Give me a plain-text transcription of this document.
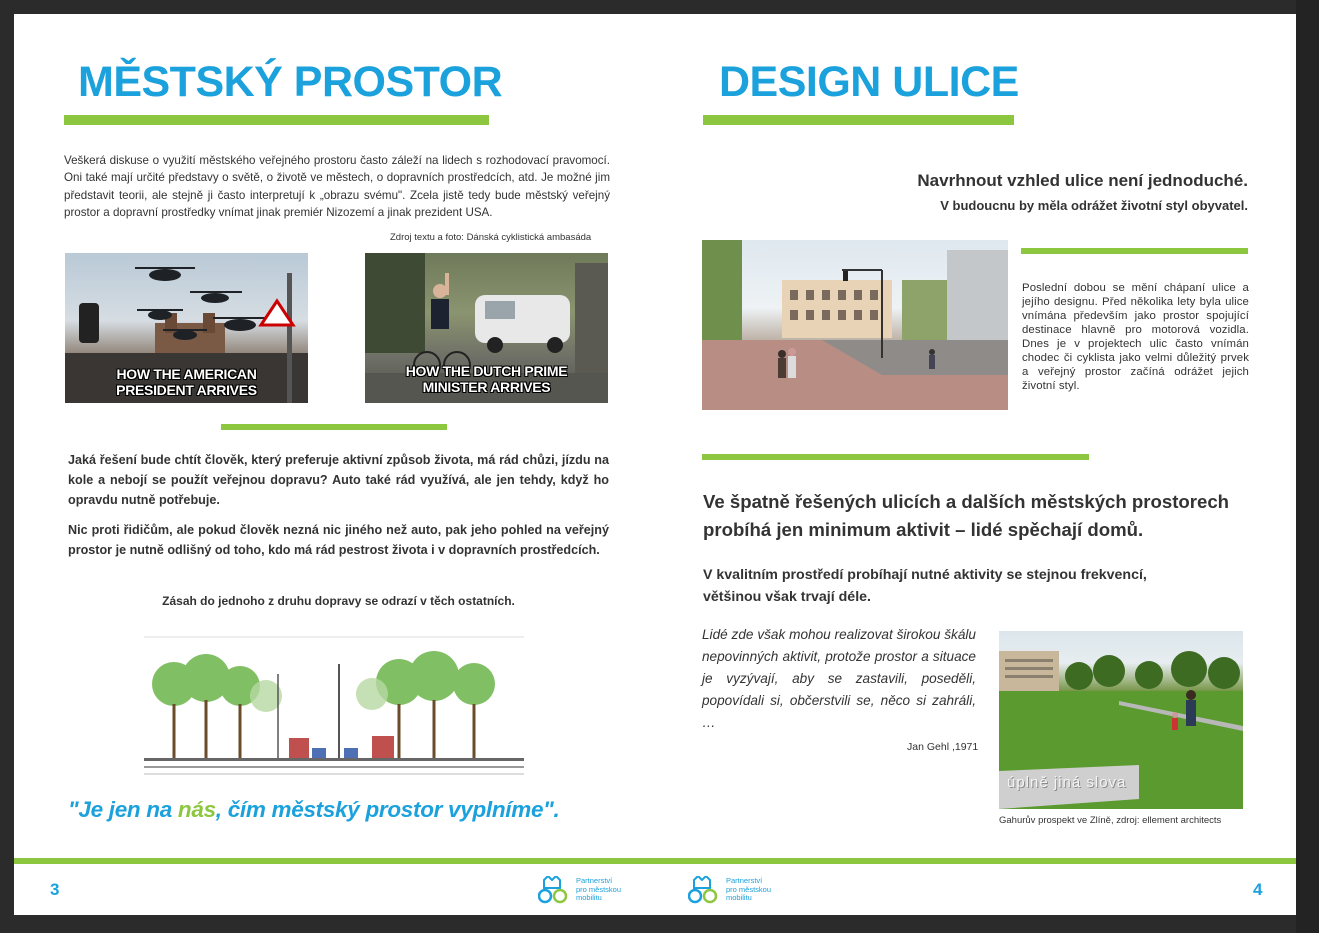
MĚSTSKÝ PROSTOR
Veškerá diskuse o využití městského veřejného prostoru často záleží na lidech s rozhodovací pravomocí. Oni také mají určité představy o světě, o životě ve městech, o dopravních prostředcích, atd. Je možné jim představit teorii, ale stejně ji často interpretují k „obrazu svému". Zcela jistě tedy bude městský veřejný prostor a dopravní prostředky vnímat jinak premiér Nizozemí a jinak prezident USA.
Zdroj textu a foto: Dánská cyklistická ambasáda
HOW THE AMERICAN
PRESIDENT ARRIVES
HOW THE DUTCH PRIME
MINISTER ARRIVES
Jaká řešení bude chtít člověk, který preferuje aktivní způsob života, má rád chůzi, jízdu na kole a nebojí se použít veřejnou dopravu? Auto také rád využívá, ale jen tehdy, když ho opravdu nutně potřebuje.
Nic proti řidičům, ale pokud člověk nezná nic jiného než auto, pak jeho pohled na veřejný prostor je nutně odlišný od toho, kdo má rád pestrost života i v dopravních prostředcích.
Zásah do jednoho z druhu dopravy se odrazí v těch ostatních.
"Je jen na nás, čím městský prostor vyplníme".
DESIGN ULICE
Navrhnout vzhled ulice není jednoduché.
V budoucnu by měla odrážet životní styl obyvatel.
Poslední dobou se mění chápaní ulice a jejího designu. Před několika lety byla ulice vnímána především jako prostor spojující destinace hlavně pro motorová vozidla. Dnes je v projektech ulic často vnímán chodec či cyklista jako velmi důležitý prvek a veřejný prostor začíná odrážet jejich životní styl.
Ve špatně řešených ulicích a dalších městských prostorech probíhá jen minimum aktivit – lidé spěchají domů.
V kvalitním prostředí probíhají nutné aktivity se stejnou frekvencí, většinou však trvají déle.
Lidé zde však mohou realizovat širokou škálu nepovinných aktivit, protože prostor a situace je vyzývají, aby se zastavili, poseděli, popovídali si, občerstvili se, něco si zahráli, …
Jan Gehl ,1971
úplně jiná slova
Gahurův prospekt ve Zlíně, zdroj: ellement architects
3	4
Partnerství
pro městskou
mobilitu
Partnerství
pro městskou
mobilitu
